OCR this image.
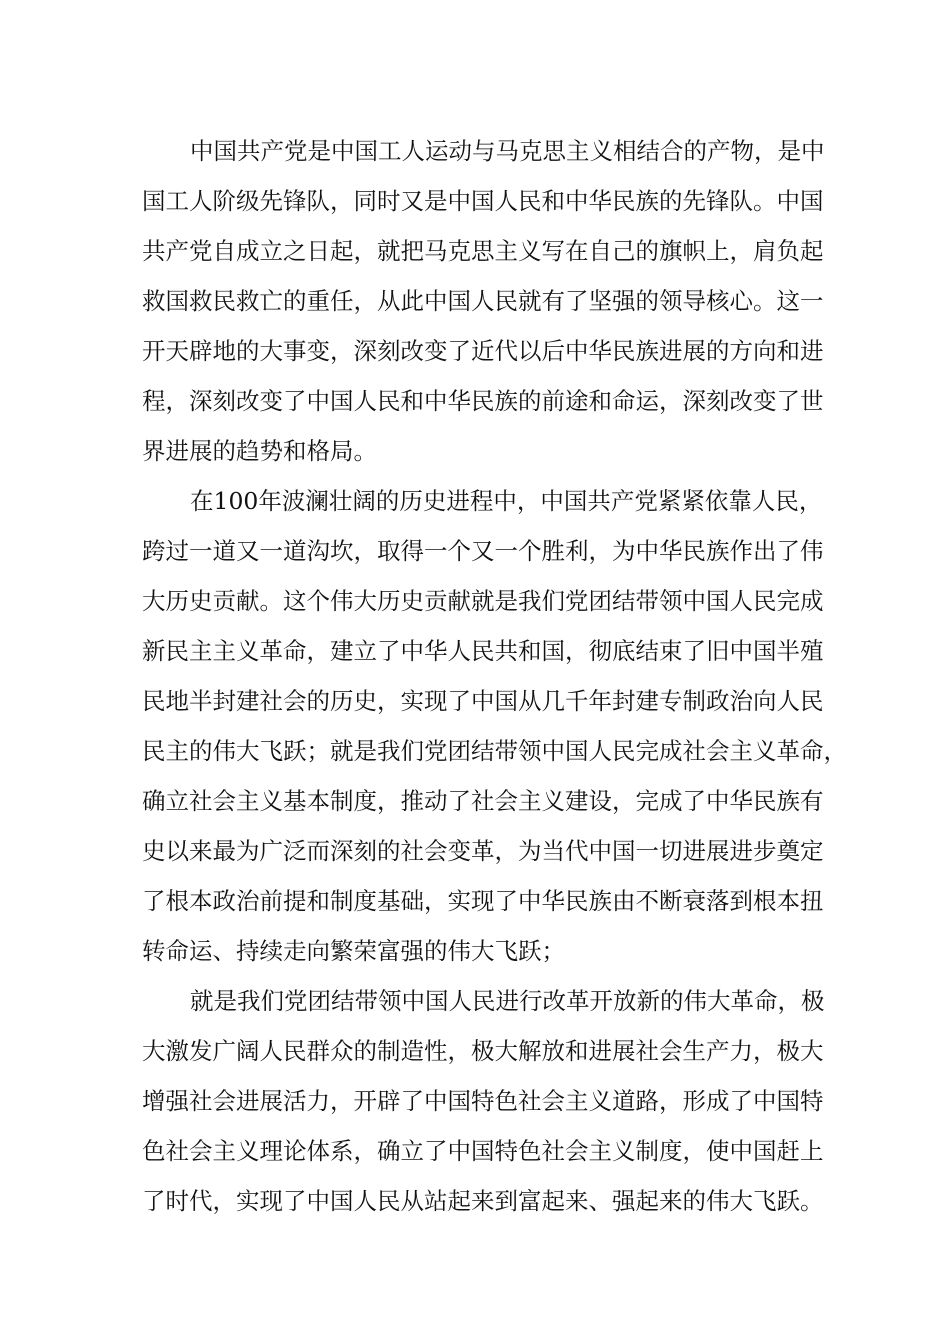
中国共产党是中国工人运动与马克思主义相结合的产物，是中
国工人阶级先锋队，同时又是中国人民和中华民族的先锋队。中国
共产党自成立之日起，就把马克思主义写在自己的旗帜上，肩负起
救国救民救亡的重任，从此中国人民就有了坚强的领导核心。这一
开天辟地的大事变，深刻改变了近代以后中华民族进展的方向和进
程，深刻改变了中国人民和中华民族的前途和命运，深刻改变了世
界进展的趋势和格局。
在100年波澜壮阔的历史进程中，中国共产党紧紧依靠人民，
跨过一道又一道沟坎，取得一个又一个胜利，为中华民族作出了伟
大历史贡献。这个伟大历史贡献就是我们党团结带领中国人民完成
新民主主义革命，建立了中华人民共和国，彻底结束了旧中国半殖
民地半封建社会的历史，实现了中国从几千年封建专制政治向人民
民主的伟大飞跃；就是我们党团结带领中国人民完成社会主义革命，
确立社会主义基本制度，推动了社会主义建设，完成了中华民族有
史以来最为广泛而深刻的社会变革，为当代中国一切进展进步奠定
了根本政治前提和制度基础，实现了中华民族由不断衰落到根本扭
转命运、持续走向繁荣富强的伟大飞跃；
就是我们党团结带领中国人民进行改革开放新的伟大革命，极
大激发广阔人民群众的制造性，极大解放和进展社会生产力，极大
增强社会进展活力，开辟了中国特色社会主义道路，形成了中国特
色社会主义理论体系，确立了中国特色社会主义制度，使中国赶上
了时代，实现了中国人民从站起来到富起来、强起来的伟大飞跃。
